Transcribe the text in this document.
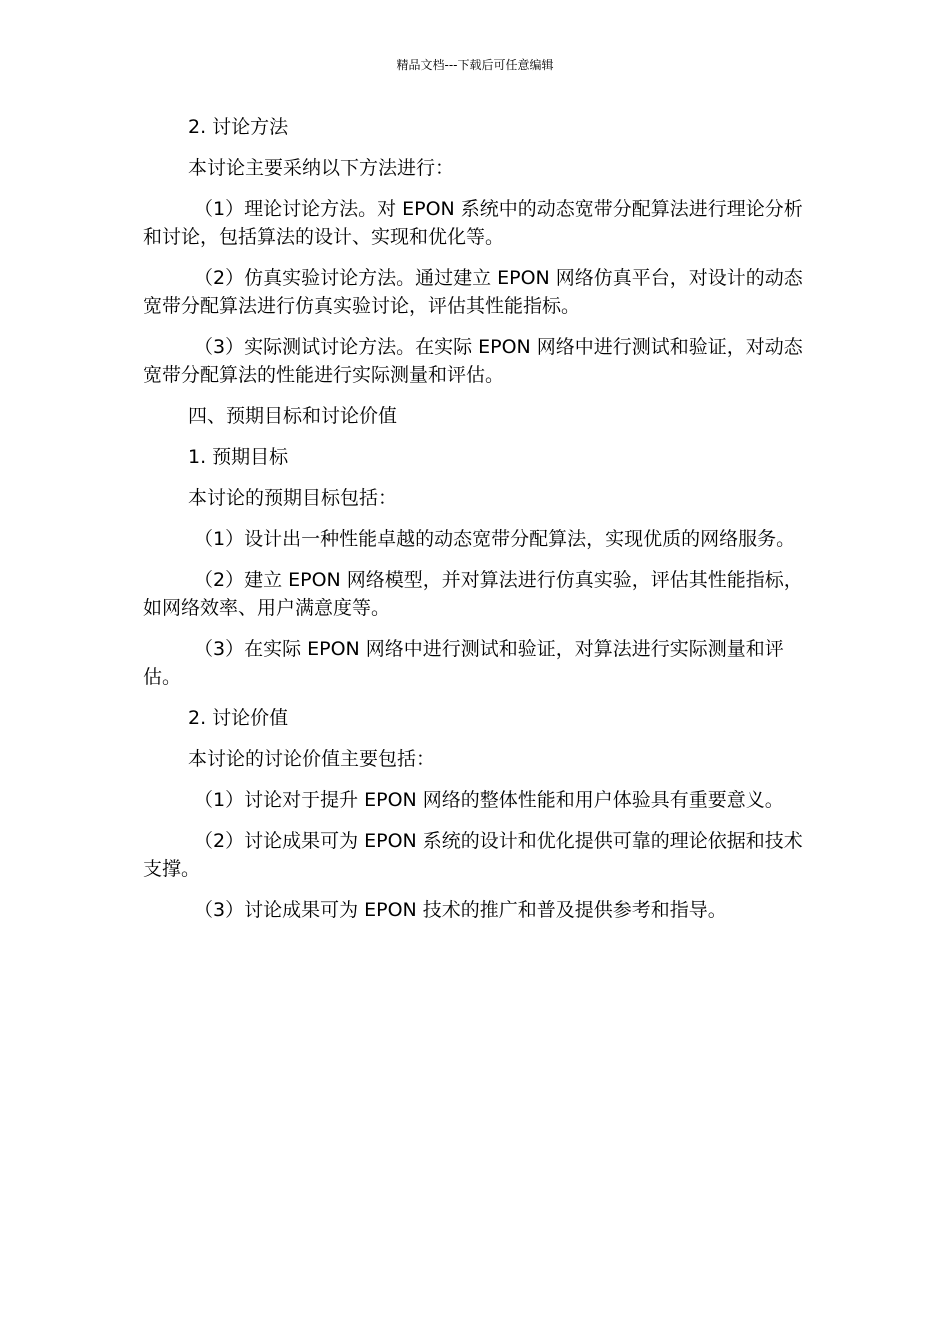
精品文档---下载后可任意编辑
2. 讨论方法
本讨论主要采纳以下方法进行：
（1）理论讨论方法。对 EPON 系统中的动态宽带分配算法进行理论分析和讨论，包括算法的设计、实现和优化等。
（2）仿真实验讨论方法。通过建立 EPON 网络仿真平台，对设计的动态宽带分配算法进行仿真实验讨论，评估其性能指标。
（3）实际测试讨论方法。在实际 EPON 网络中进行测试和验证，对动态宽带分配算法的性能进行实际测量和评估。
四、预期目标和讨论价值
1. 预期目标
本讨论的预期目标包括：
（1）设计出一种性能卓越的动态宽带分配算法，实现优质的网络服务。
（2）建立 EPON 网络模型，并对算法进行仿真实验，评估其性能指标，如网络效率、用户满意度等。
（3）在实际 EPON 网络中进行测试和验证，对算法进行实际测量和评估。
2. 讨论价值
本讨论的讨论价值主要包括：
（1）讨论对于提升 EPON 网络的整体性能和用户体验具有重要意义。
（2）讨论成果可为 EPON 系统的设计和优化提供可靠的理论依据和技术支撑。
（3）讨论成果可为 EPON 技术的推广和普及提供参考和指导。
